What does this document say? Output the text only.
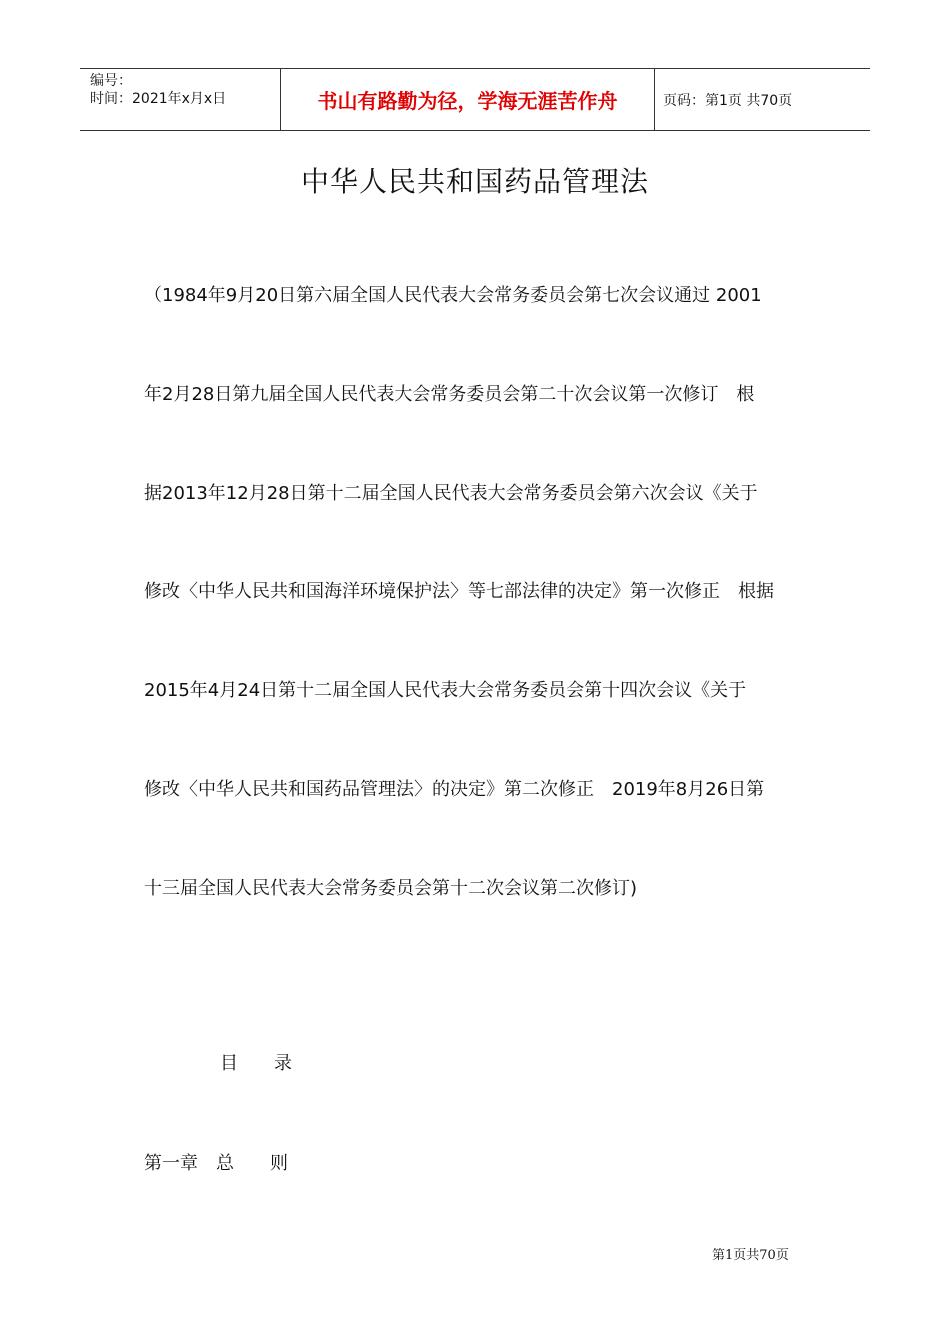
编号：
时间：2021年x月x日	书山有路勤为径，学海无涯苦作舟	页码：第1页 共70页
中华人民共和国药品管理法
（1984年9月20日第六届全国人民代表大会常务委员会第七次会议通过 2001
年2月28日第九届全国人民代表大会常务委员会第二十次会议第一次修订　根
据2013年12月28日第十二届全国人民代表大会常务委员会第六次会议《关于
修改〈中华人民共和国海洋环境保护法〉等七部法律的决定》第一次修正　根据
2015年4月24日第十二届全国人民代表大会常务委员会第十四次会议《关于
修改〈中华人民共和国药品管理法〉的决定》第二次修正　2019年8月26日第
十三届全国人民代表大会常务委员会第十二次会议第二次修订)
目　　录
第一章　总　　则
第1页共70页
